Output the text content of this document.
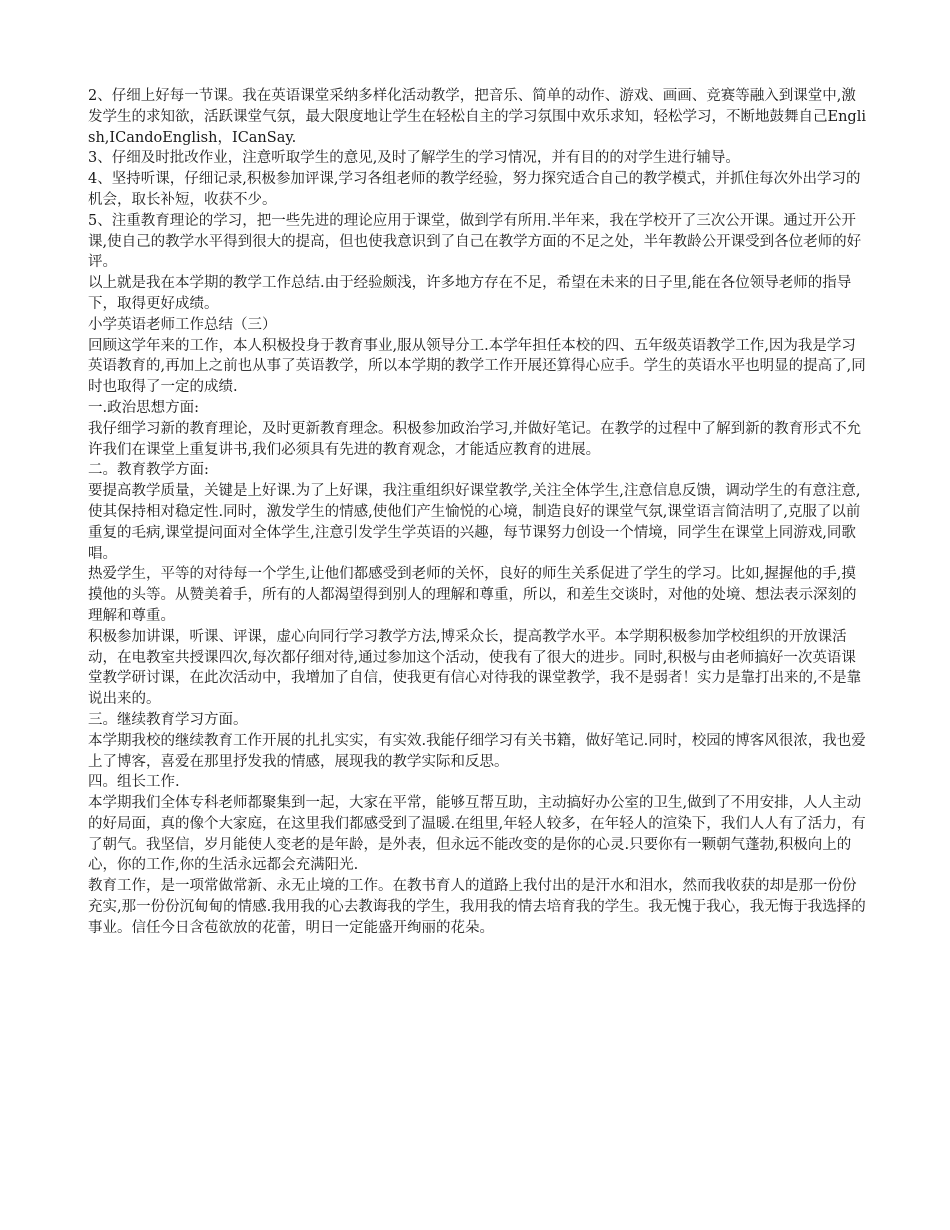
2、仔细上好每一节课。我在英语课堂采纳多样化活动教学，把音乐、简单的动作、游戏、画画、竞赛等融入到课堂中,激发学生的求知欲，活跃课堂气氛，最大限度地让学生在轻松自主的学习氛围中欢乐求知，轻松学习，不断地鼓舞自己English,ICandoEnglish，ICanSay.

3、仔细及时批改作业，注意听取学生的意见,及时了解学生的学习情况，并有目的的对学生进行辅导。

4、坚持听课，仔细记录,积极参加评课,学习各组老师的教学经验，努力探究适合自己的教学模式，并抓住每次外出学习的机会，取长补短，收获不少。

5、注重教育理论的学习，把一些先进的理论应用于课堂，做到学有所用.半年来，我在学校开了三次公开课。通过开公开课,使自己的教学水平得到很大的提高，但也使我意识到了自己在教学方面的不足之处，半年教龄公开课受到各位老师的好评。

以上就是我在本学期的教学工作总结.由于经验颇浅，许多地方存在不足，希望在未来的日子里,能在各位领导老师的指导下，取得更好成绩。

小学英语老师工作总结（三）

回顾这学年来的工作，本人积极投身于教育事业,服从领导分工.本学年担任本校的四、五年级英语教学工作,因为我是学习英语教育的,再加上之前也从事了英语教学，所以本学期的教学工作开展还算得心应手。学生的英语水平也明显的提高了,同时也取得了一定的成绩.

一.政治思想方面:

我仔细学习新的教育理论，及时更新教育理念。积极参加政治学习,并做好笔记。在教学的过程中了解到新的教育形式不允许我们在课堂上重复讲书,我们必须具有先进的教育观念，才能适应教育的进展。

二。教育教学方面:

要提高教学质量，关键是上好课.为了上好课，我注重组织好课堂教学,关注全体学生,注意信息反馈，调动学生的有意注意,使其保持相对稳定性.同时，激发学生的情感,使他们产生愉悦的心境，制造良好的课堂气氛,课堂语言简洁明了,克服了以前重复的毛病,课堂提问面对全体学生,注意引发学生学英语的兴趣，每节课努力创设一个情境，同学生在课堂上同游戏,同歌唱。

热爱学生，平等的对待每一个学生,让他们都感受到老师的关怀，良好的师生关系促进了学生的学习。比如,握握他的手,摸摸他的头等。从赞美着手，所有的人都渴望得到别人的理解和尊重，所以，和差生交谈时，对他的处境、想法表示深刻的理解和尊重。

积极参加讲课，听课、评课，虚心向同行学习教学方法,博采众长，提高教学水平。本学期积极参加学校组织的开放课活动，在电教室共授课四次,每次都仔细对待,通过参加这个活动，使我有了很大的进步。同时,积极与由老师搞好一次英语课堂教学研讨课，在此次活动中，我增加了自信，使我更有信心对待我的课堂教学，我不是弱者！实力是靠打出来的,不是靠说出来的。

三。继续教育学习方面。

本学期我校的继续教育工作开展的扎扎实实，有实效.我能仔细学习有关书籍，做好笔记.同时，校园的博客风很浓，我也爱上了博客，喜爱在那里抒发我的情感，展现我的教学实际和反思。

四。组长工作.

本学期我们全体专科老师都聚集到一起，大家在平常，能够互帮互助，主动搞好办公室的卫生,做到了不用安排，人人主动的好局面，真的像个大家庭，在这里我们都感受到了温暖.在组里,年轻人较多，在年轻人的渲染下，我们人人有了活力，有了朝气。我坚信，岁月能使人变老的是年龄，是外表，但永远不能改变的是你的心灵.只要你有一颗朝气蓬勃,积极向上的心，你的工作,你的生活永远都会充满阳光.

教育工作，是一项常做常新、永无止境的工作。在教书育人的道路上我付出的是汗水和泪水，然而我收获的却是那一份份充实,那一份份沉甸甸的情感.我用我的心去教诲我的学生，我用我的情去培育我的学生。我无愧于我心，我无悔于我选择的事业。信任今日含苞欲放的花蕾，明日一定能盛开绚丽的花朵。
